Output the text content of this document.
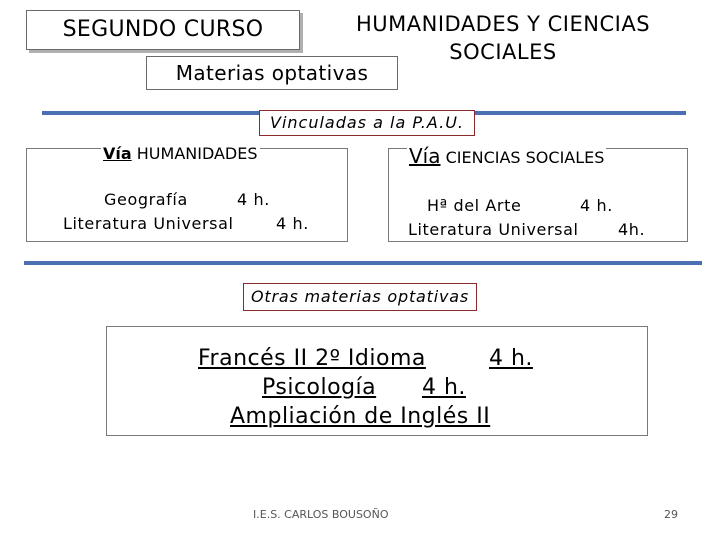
SEGUNDO CURSO	HUMANIDADES Y CIENCIAS
SOCIALES
Materias optativas
Vinculadas a la P.A.U.
Vía HUMANIDADES
Geografía	4 h.
Literatura Universal	4 h.
Vía CIENCIAS SOCIALES
Hª del Arte	4 h.
Literatura Universal 4h.
Otras materias optativas
Francés II 2º Idioma	4 h.
Psicología 4 h.
Ampliación de Inglés II
I.E.S. CARLOS BOUSOÑO	29
